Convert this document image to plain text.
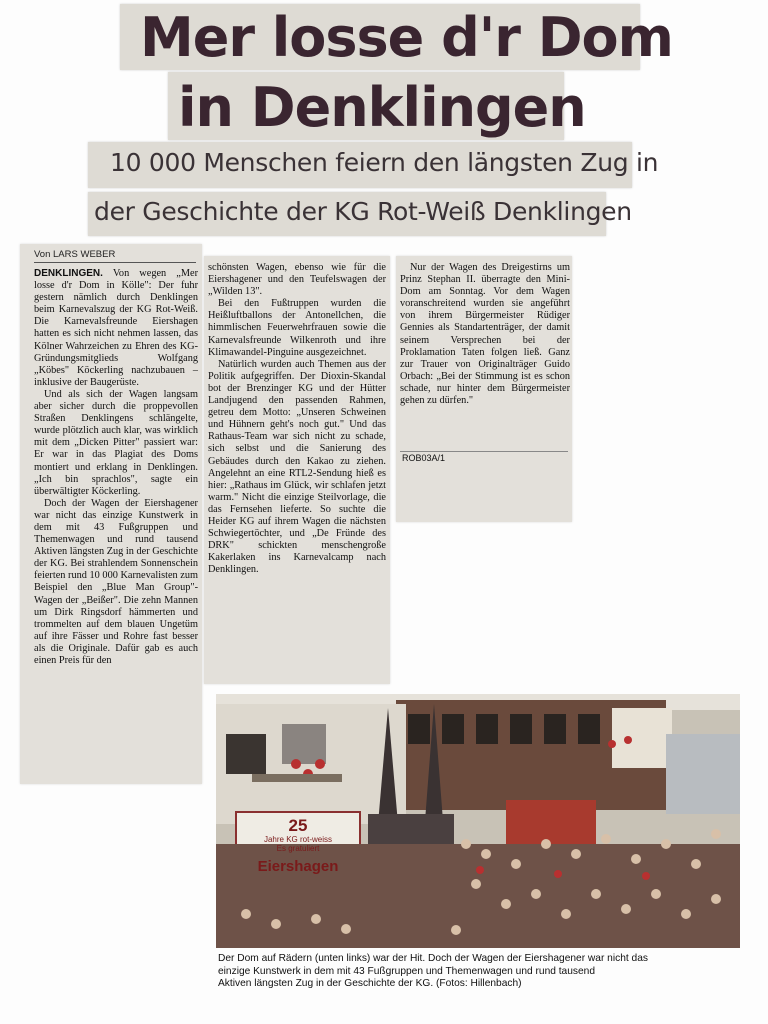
Mer losse d'r Dom
in Denklingen
10 000 Menschen feiern den längsten Zug in
der Geschichte der KG Rot-Weiß Denklingen
Von LARS WEBER

DENKLINGEN. Von wegen „Mer losse d'r Dom in Kölle": Der fuhr gestern nämlich durch Denklingen beim Karnevalszug der KG Rot-Weiß. Die Karnevalsfreunde Eiershagen hatten es sich nicht nehmen lassen, das Kölner Wahrzeichen zu Ehren des KG-Gründungsmitglieds Wolfgang „Köbes" Köckerling nachzubauen – inklusive der Baugerüste.

Und als sich der Wagen langsam aber sicher durch die proppevollen Straßen Denklingens schlängelte, wurde plötzlich auch klar, was wirklich mit dem „Dicken Pitter" passiert war: Er war in das Plagiat des Doms montiert und erklang in Denklingen. „Ich bin sprachlos", sagte ein überwältigter Köckerling.

Doch der Wagen der Eiershagener war nicht das einzige Kunstwerk in dem mit 43 Fußgruppen und Themenwagen und rund tausend Aktiven längsten Zug in der Geschichte der KG. Bei strahlendem Sonnenschein feierten rund 10 000 Karnevalisten zum Beispiel den „Blue Man Group"-Wagen der „Beißer". Die zehn Mannen um Dirk Ringsdorf hämmerten und trommelten auf dem blauen Ungetüm auf ihre Fässer und Rohre fast besser als die Originale. Dafür gab es auch einen Preis für den

schönsten Wagen, ebenso wie für die Eiershagener und den Teufelswagen der „Wilden 13".

Bei den Fußtruppen wurden die Heißluftballons der Antonellchen, die himmlischen Feuerwehrfrauen sowie die Karnevalsfreunde Wilkenroth und ihre Klimawandel-Pinguine ausgezeichnet.

Natürlich wurden auch Themen aus der Politik aufgegriffen. Der Dioxin-Skandal bot der Brenzinger KG und der Hütter Landjugend den passenden Rahmen, getreu dem Motto: „Unseren Schweinen und Hühnern geht's noch gut." Und das Rathaus-Team war sich nicht zu schade, sich selbst und die Sanierung des Gebäudes durch den Kakao zu ziehen. Angelehnt an eine RTL2-Sendung hieß es hier: „Rathaus im Glück, wir schlafen jetzt warm." Nicht die einzige Steilvorlage, die das Fernsehen lieferte. So suchte die Heider KG auf ihrem Wagen die nächsten Schwiegertöchter, und „De Fründe des DRK" schickten menschengroße Kakerlaken ins Karnevalcamp nach Denklingen.

Nur der Wagen des Dreigestirns um Prinz Stephan II. überragte den Mini-Dom am Sonntag. Vor dem Wagen voranschreitend wurden sie angeführt von ihrem Bürgermeister Rüdiger Gennies als Standartenträger, der damit seinem Versprechen bei der Proklamation Taten folgen ließ. Ganz zur Trauer von Originalträger Guido Orbach: „Bei der Stimmung ist es schon schade, nur hinter dem Bürgermeister gehen zu dürfen."

ROB03A/1
25
Jahre KG rot-weiss
Es gratuliert
Eiershagen
Der Dom auf Rädern (unten links) war der Hit. Doch der Wagen der Eiershagener war nicht das
einzige Kunstwerk in dem mit 43 Fußgruppen und Themenwagen und rund tausend
Aktiven längsten Zug in der Geschichte der KG. (Fotos: Hillenbach)
